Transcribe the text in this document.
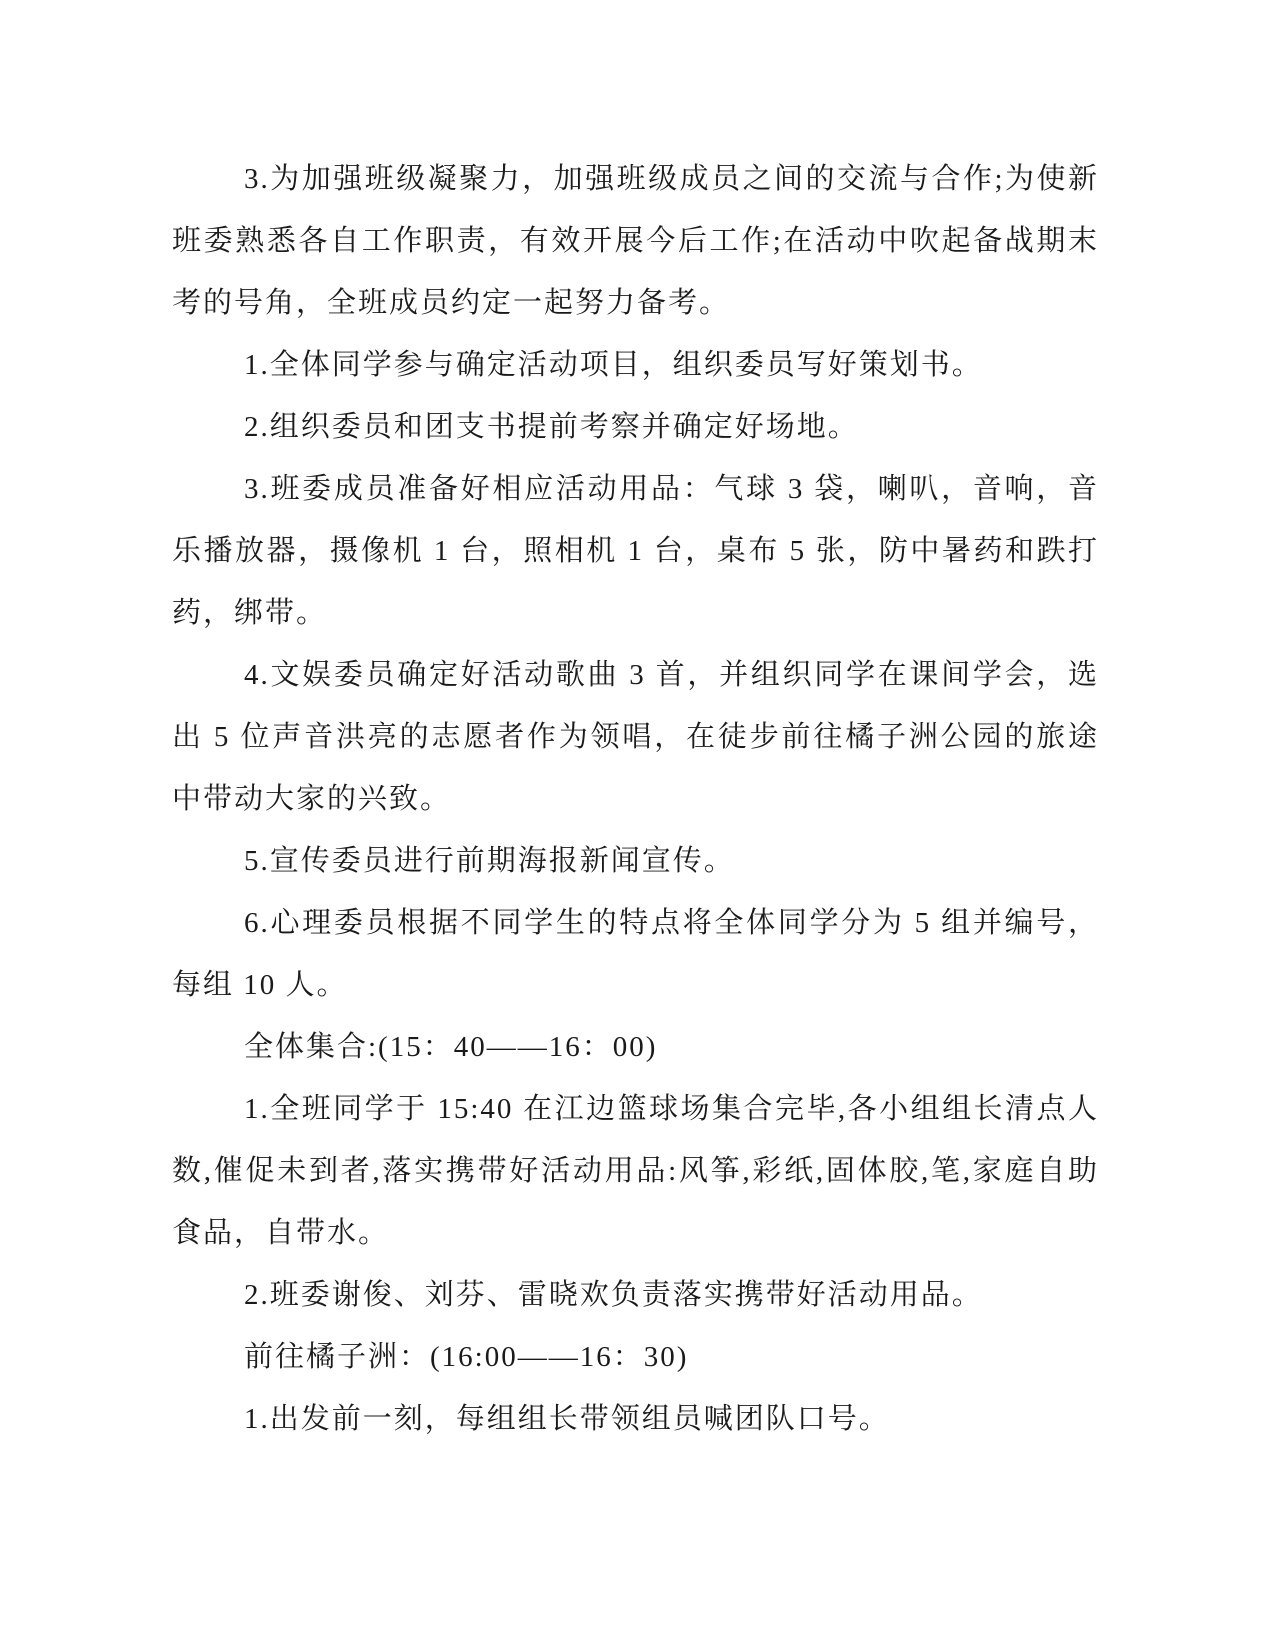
3.为加强班级凝聚力，加强班级成员之间的交流与合作;为使新班委熟悉各自工作职责，有效开展今后工作;在活动中吹起备战期末考的号角，全班成员约定一起努力备考。

1.全体同学参与确定活动项目，组织委员写好策划书。

2.组织委员和团支书提前考察并确定好场地。

3.班委成员准备好相应活动用品：气球 3 袋，喇叭，音响，音乐播放器，摄像机 1 台，照相机 1 台，桌布 5 张，防中暑药和跌打药，绑带。

4.文娱委员确定好活动歌曲 3 首，并组织同学在课间学会，选出 5 位声音洪亮的志愿者作为领唱，在徒步前往橘子洲公园的旅途中带动大家的兴致。

5.宣传委员进行前期海报新闻宣传。

6.心理委员根据不同学生的特点将全体同学分为 5 组并编号，每组 10 人。

全体集合:(15：40——16：00)

1.全班同学于 15:40 在江边篮球场集合完毕,各小组组长清点人数,催促未到者,落实携带好活动用品:风筝,彩纸,固体胶,笔,家庭自助食品，自带水。

2.班委谢俊、刘芬、雷晓欢负责落实携带好活动用品。

前往橘子洲：(16:00——16：30)

1.出发前一刻，每组组长带领组员喊团队口号。
